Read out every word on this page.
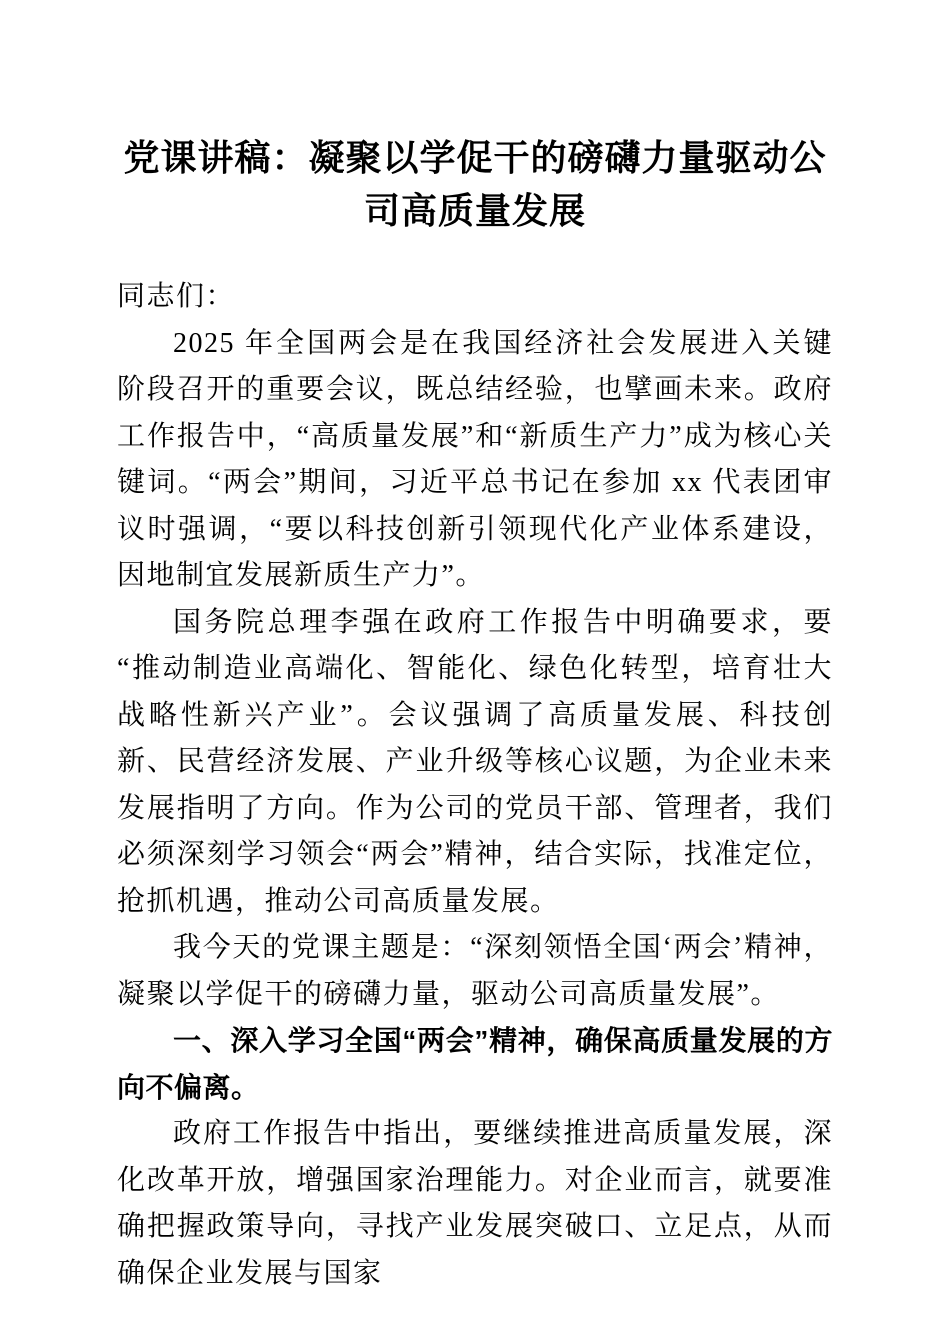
党课讲稿：凝聚以学促干的磅礴力量驱动公司高质量发展

同志们：

2025 年全国两会是在我国经济社会发展进入关键阶段召开的重要会议，既总结经验，也擘画未来。政府工作报告中，“高质量发展”和“新质生产力”成为核心关键词。“两会”期间，习近平总书记在参加 xx 代表团审议时强调，“要以科技创新引领现代化产业体系建设，因地制宜发展新质生产力”。

国务院总理李强在政府工作报告中明确要求，要“推动制造业高端化、智能化、绿色化转型，培育壮大战略性新兴产业”。会议强调了高质量发展、科技创新、民营经济发展、产业升级等核心议题，为企业未来发展指明了方向。作为公司的党员干部、管理者，我们必须深刻学习领会“两会”精神，结合实际，找准定位，抢抓机遇，推动公司高质量发展。

我今天的党课主题是：“深刻领悟全国‘两会’精神，凝聚以学促干的磅礴力量，驱动公司高质量发展”。

一、深入学习全国“两会”精神，确保高质量发展的方向不偏离。

政府工作报告中指出，要继续推进高质量发展，深化改革开放，增强国家治理能力。对企业而言，就要准确把握政策导向，寻找产业发展突破口、立足点，从而确保企业发展与国家
